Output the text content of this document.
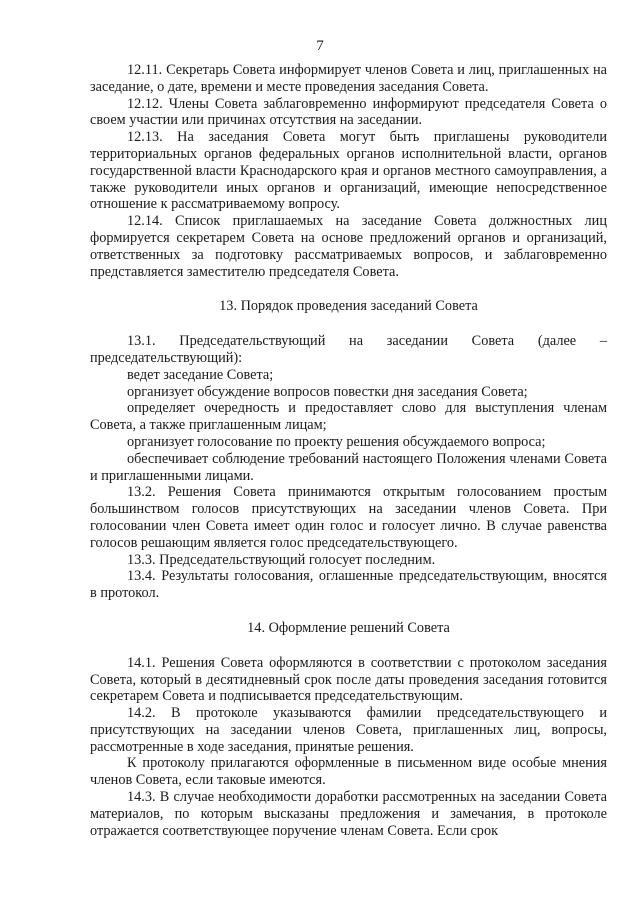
7

12.11. Секретарь Совета информирует членов Совета и лиц, приглашенных на заседание, о дате, времени и месте проведения заседания Совета.

12.12. Члены Совета заблаговременно информируют председателя Совета о своем участии или причинах отсутствия на заседании.

12.13. На заседания Совета могут быть приглашены руководители территориальных органов федеральных органов исполнительной власти, органов государственной власти Краснодарского края и органов местного самоуправления, а также руководители иных органов и организаций, имеющие непосредственное отношение к рассматриваемому вопросу.

12.14. Список приглашаемых на заседание Совета должностных лиц формируется секретарем Совета на основе предложений органов и организаций, ответственных за подготовку рассматриваемых вопросов, и заблаговременно представляется заместителю председателя Совета.

13. Порядок проведения заседаний Совета

13.1. Председательствующий на заседании Совета (далее – председательствующий):

ведет заседание Совета;

организует обсуждение вопросов повестки дня заседания Совета;

определяет очередность и предоставляет слово для выступления членам Совета, а также приглашенным лицам;

организует голосование по проекту решения обсуждаемого вопроса;

обеспечивает соблюдение требований настоящего Положения членами Совета и приглашенными лицами.

13.2. Решения Совета принимаются открытым голосованием простым большинством голосов присутствующих на заседании членов Совета. При голосовании член Совета имеет один голос и голосует лично. В случае равенства голосов решающим является голос председательствующего.

13.3. Председательствующий голосует последним.

13.4. Результаты голосования, оглашенные председательствующим, вносятся в протокол.

14. Оформление решений Совета

14.1. Решения Совета оформляются в соответствии с протоколом заседания Совета, который в десятидневный срок после даты проведения заседания готовится секретарем Совета и подписывается председательствующим.

14.2. В протоколе указываются фамилии председательствующего и присутствующих на заседании членов Совета, приглашенных лиц, вопросы, рассмотренные в ходе заседания, принятые решения.

К протоколу прилагаются оформленные в письменном виде особые мнения членов Совета, если таковые имеются.

14.3. В случае необходимости доработки рассмотренных на заседании Совета материалов, по которым высказаны предложения и замечания, в протоколе отражается соответствующее поручение членам Совета. Если срок
